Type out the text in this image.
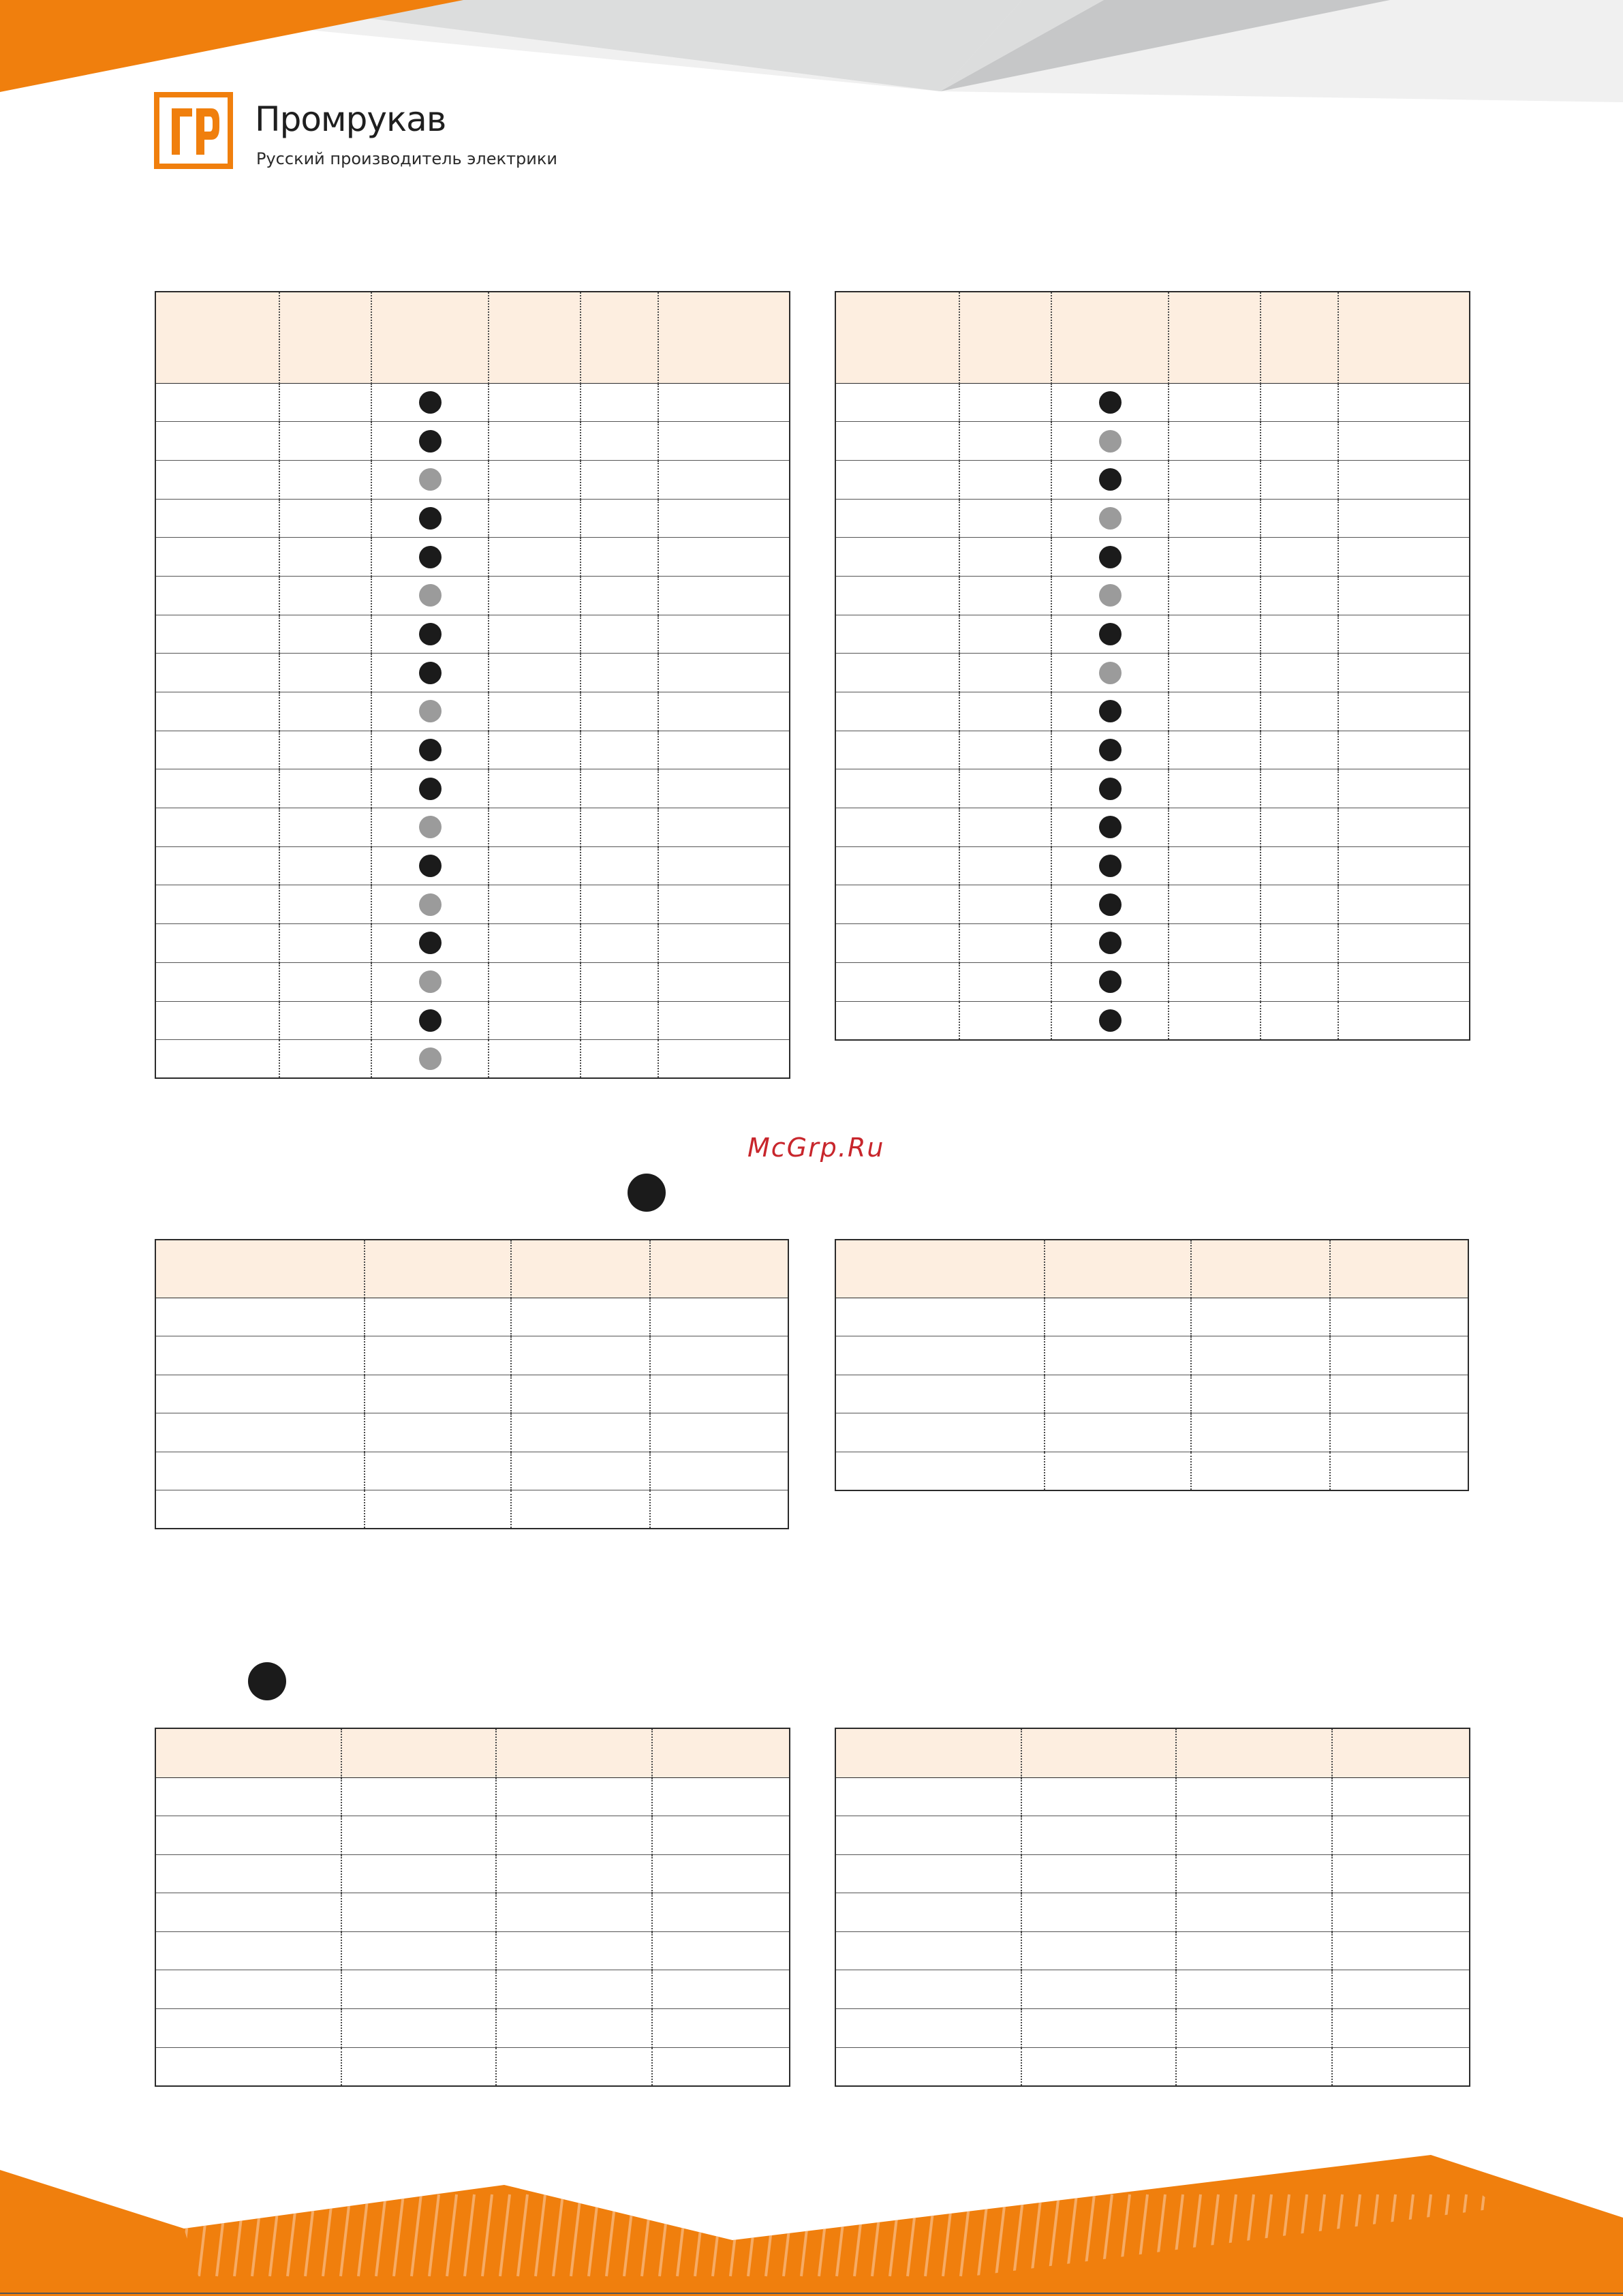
Промрукав
Русский производитель электрики

McGrp.Ru
